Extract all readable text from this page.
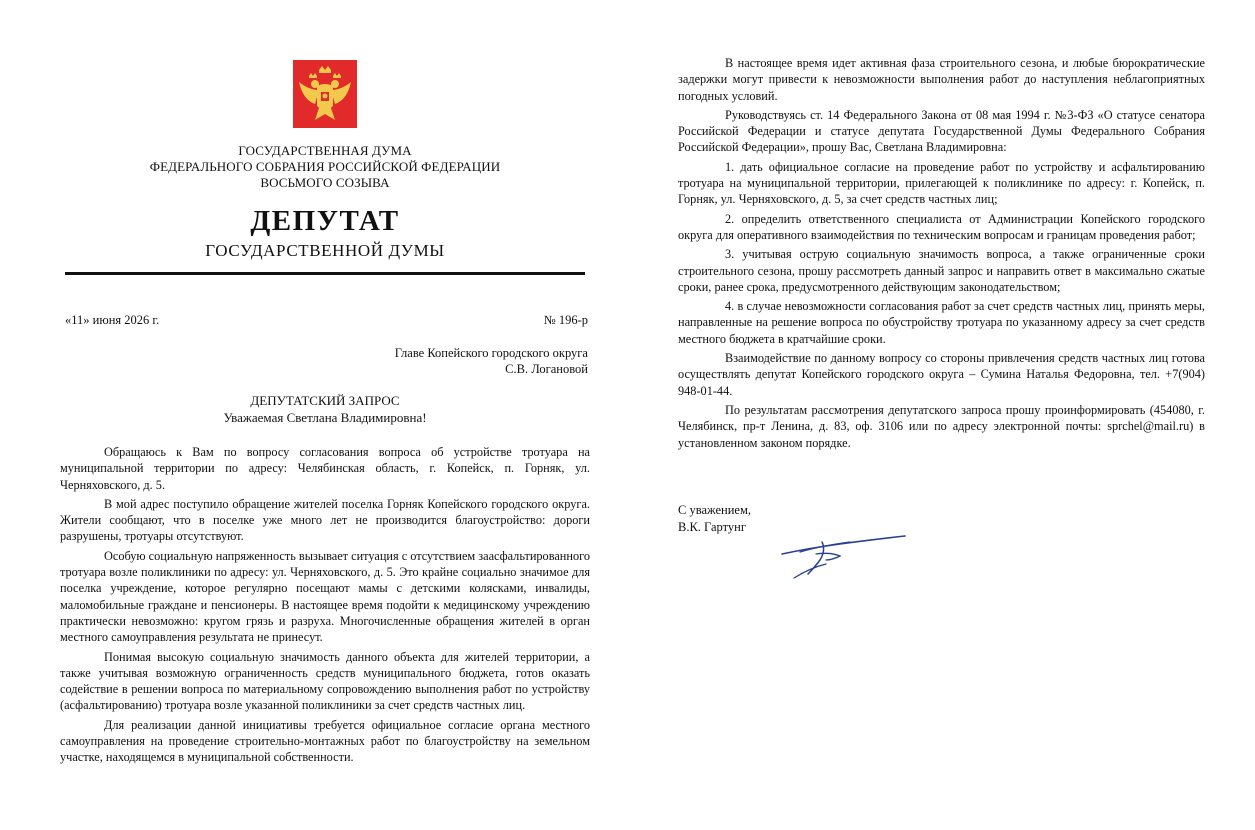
ГОСУДАРСТВЕННАЯ ДУМА
ФЕДЕРАЛЬНОГО СОБРАНИЯ РОССИЙСКОЙ ФЕДЕРАЦИИ
ВОСЬМОГО СОЗЫВА
ДЕПУТАТ
ГОСУДАРСТВЕННОЙ ДУМЫ
«11» июня 2026 г.	№ 196-р
Главе Копейского городского округа
С.В. Логановой
ДЕПУТАТСКИЙ ЗАПРОС
Уважаемая Светлана Владимировна!

Обращаюсь к Вам по вопросу согласования вопроса об устройстве тротуара на муниципальной территории по адресу: Челябинская область, г. Копейск, п. Горняк, ул. Черняховского, д. 5.

В мой адрес поступило обращение жителей поселка Горняк Копейского городского округа. Жители сообщают, что в поселке уже много лет не производится благоустройство: дороги разрушены, тротуары отсутствуют.

Особую социальную напряженность вызывает ситуация с отсутствием заасфальтированного тротуара возле поликлиники по адресу: ул. Черняховского, д. 5. Это крайне социально значимое для поселка учреждение, которое регулярно посещают мамы с детскими колясками, инвалиды, маломобильные граждане и пенсионеры. В настоящее время подойти к медицинскому учреждению практически невозможно: кругом грязь и разруха. Многочисленные обращения жителей в орган местного самоуправления результата не принесут.

Понимая высокую социальную значимость данного объекта для жителей территории, а также учитывая возможную ограниченность средств муниципального бюджета, готов оказать содействие в решении вопроса по материальному сопровождению выполнения работ по устройству (асфальтированию) тротуара возле указанной поликлиники за счет средств частных лиц.

Для реализации данной инициативы требуется официальное согласие органа местного самоуправления на проведение строительно-монтажных работ по благоустройству на земельном участке, находящемся в муниципальной собственности.

В настоящее время идет активная фаза строительного сезона, и любые бюрократические задержки могут привести к невозможности выполнения работ до наступления неблагоприятных погодных условий.

Руководствуясь ст. 14 Федерального Закона от 08 мая 1994 г. №3-ФЗ «О статусе сенатора Российской Федерации и статусе депутата Государственной Думы Федерального Собрания Российской Федерации», прошу Вас, Светлана Владимировна:

1. дать официальное согласие на проведение работ по устройству и асфальтированию тротуара на муниципальной территории, прилегающей к поликлинике по адресу: г. Копейск, п. Горняк, ул. Черняховского, д. 5, за счет средств частных лиц;

2. определить ответственного специалиста от Администрации Копейского городского округа для оперативного взаимодействия по техническим вопросам и границам проведения работ;

3. учитывая острую социальную значимость вопроса, а также ограниченные сроки строительного сезона, прошу рассмотреть данный запрос и направить ответ в максимально сжатые сроки, ранее срока, предусмотренного действующим законодательством;

4. в случае невозможности согласования работ за счет средств частных лиц, принять меры, направленные на решение вопроса по обустройству тротуара по указанному адресу за счет средств местного бюджета в кратчайшие сроки.

Взаимодействие по данному вопросу со стороны привлечения средств частных лиц готова осуществлять депутат Копейского городского округа – Сумина Наталья Федоровна, тел. +7(904) 948-01-44.

По результатам рассмотрения депутатского запроса прошу проинформировать (454080, г. Челябинск, пр-т Ленина, д. 83, оф. 3106 или по адресу электронной почты: sprchel@mail.ru) в установленном законом порядке.

С уважением,
В.К. Гартунг
